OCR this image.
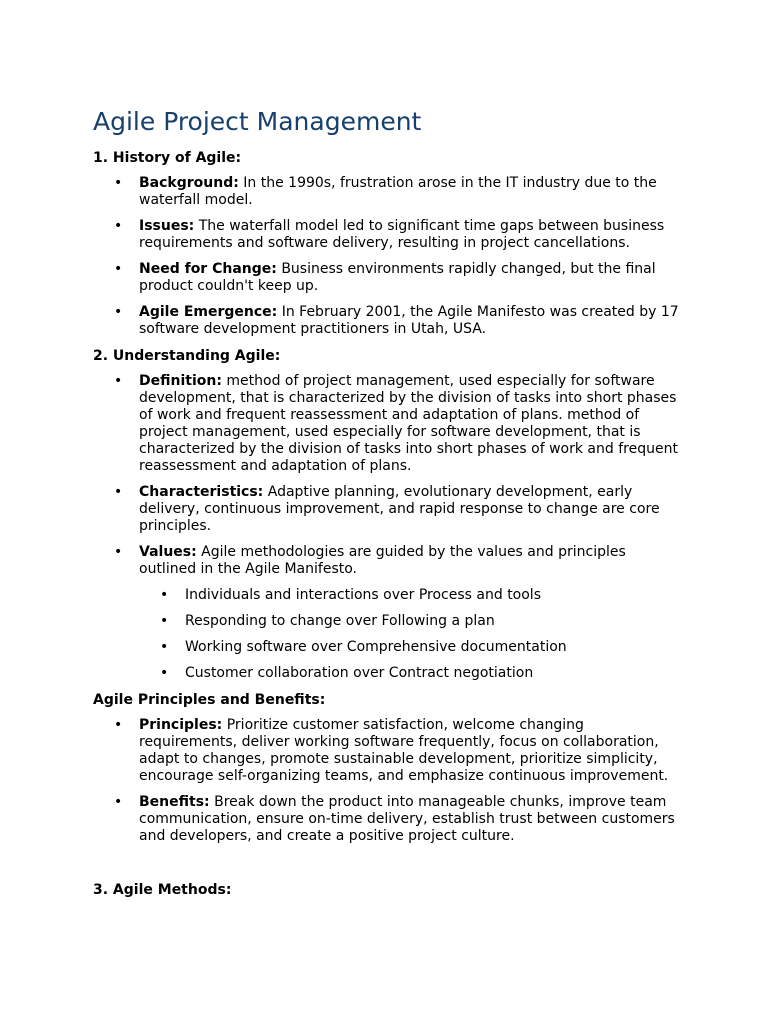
Agile Project Management
1. History of Agile:
• Background: In the 1990s, frustration arose in the IT industry due to the waterfall model.
• Issues: The waterfall model led to significant time gaps between business requirements and software delivery, resulting in project cancellations.
• Need for Change: Business environments rapidly changed, but the final product couldn't keep up.
• Agile Emergence: In February 2001, the Agile Manifesto was created by 17 software development practitioners in Utah, USA.
2. Understanding Agile:
• Definition: method of project management, used especially for software development, that is characterized by the division of tasks into short phases of work and frequent reassessment and adaptation of plans. method of project management, used especially for software development, that is characterized by the division of tasks into short phases of work and frequent reassessment and adaptation of plans.
• Characteristics: Adaptive planning, evolutionary development, early delivery, continuous improvement, and rapid response to change are core principles.
• Values: Agile methodologies are guided by the values and principles outlined in the Agile Manifesto.
• Individuals and interactions over Process and tools
• Responding to change over Following a plan
• Working software over Comprehensive documentation
• Customer collaboration over Contract negotiation
Agile Principles and Benefits:
• Principles: Prioritize customer satisfaction, welcome changing requirements, deliver working software frequently, focus on collaboration, adapt to changes, promote sustainable development, prioritize simplicity, encourage self-organizing teams, and emphasize continuous improvement.
• Benefits: Break down the product into manageable chunks, improve team communication, ensure on-time delivery, establish trust between customers and developers, and create a positive project culture.
3. Agile Methods:
